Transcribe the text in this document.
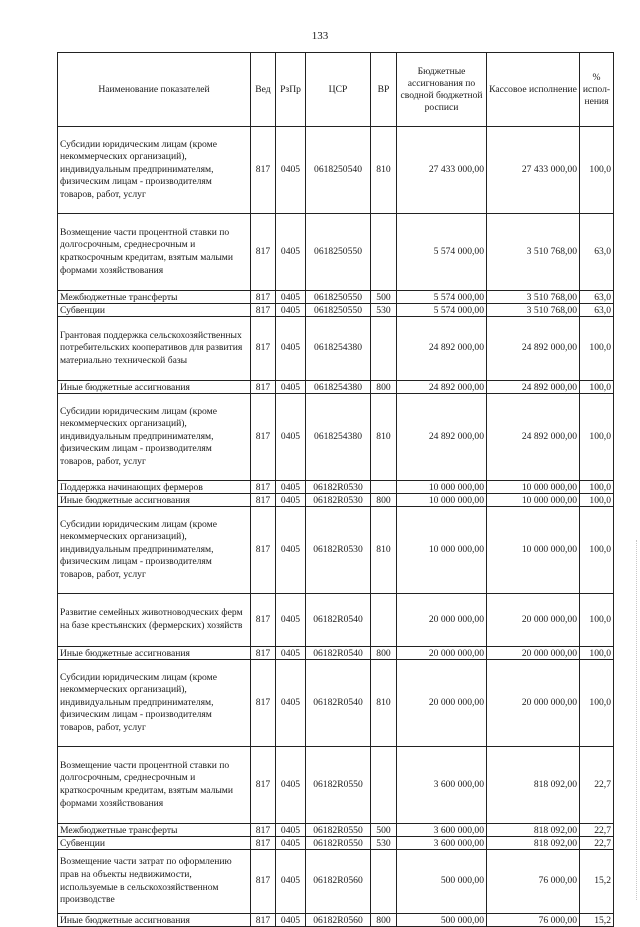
133
Наименование показателей	Вед	РзПр	ЦСР	ВР	Бюджетные ассигнования по сводной бюджетной росписи	Кассовое исполнение	% испол-нения
Субсидии юридическим лицам (кроме некоммерческих организаций), индивидуальным предпринимателям, физическим лицам - производителям товаров, работ, услуг	817	0405	0618250540	810	27 433 000,00	27 433 000,00	100,0
Возмещение части процентной ставки по долгосрочным, среднесрочным и краткосрочным кредитам, взятым малыми формами хозяйствования	817	0405	0618250550		5 574 000,00	3 510 768,00	63,0
Межбюджетные трансферты	817	0405	0618250550	500	5 574 000,00	3 510 768,00	63,0
Субвенции	817	0405	0618250550	530	5 574 000,00	3 510 768,00	63,0
Грантовая поддержка сельскохозяйственных потребительских кооперативов для развития материально технической базы	817	0405	0618254380		24 892 000,00	24 892 000,00	100,0
Иные бюджетные ассигнования	817	0405	0618254380	800	24 892 000,00	24 892 000,00	100,0
Субсидии юридическим лицам (кроме некоммерческих организаций), индивидуальным предпринимателям, физическим лицам - производителям товаров, работ, услуг	817	0405	0618254380	810	24 892 000,00	24 892 000,00	100,0
Поддержка начинающих фермеров	817	0405	06182R0530		10 000 000,00	10 000 000,00	100,0
Иные бюджетные ассигнования	817	0405	06182R0530	800	10 000 000,00	10 000 000,00	100,0
Субсидии юридическим лицам (кроме некоммерческих организаций), индивидуальным предпринимателям, физическим лицам - производителям товаров, работ, услуг	817	0405	06182R0530	810	10 000 000,00	10 000 000,00	100,0
Развитие семейных животноводческих ферм на базе крестьянских (фермерских) хозяйств	817	0405	06182R0540		20 000 000,00	20 000 000,00	100,0
Иные бюджетные ассигнования	817	0405	06182R0540	800	20 000 000,00	20 000 000,00	100,0
Субсидии юридическим лицам (кроме некоммерческих организаций), индивидуальным предпринимателям, физическим лицам - производителям товаров, работ, услуг	817	0405	06182R0540	810	20 000 000,00	20 000 000,00	100,0
Возмещение части процентной ставки по долгосрочным, среднесрочным и краткосрочным кредитам, взятым малыми формами хозяйствования	817	0405	06182R0550		3 600 000,00	818 092,00	22,7
Межбюджетные трансферты	817	0405	06182R0550	500	3 600 000,00	818 092,00	22,7
Субвенции	817	0405	06182R0550	530	3 600 000,00	818 092,00	22,7
Возмещение части затрат по оформлению прав на объекты недвижимости, используемые в сельскохозяйственном производстве	817	0405	06182R0560		500 000,00	76 000,00	15,2
Иные бюджетные ассигнования	817	0405	06182R0560	800	500 000,00	76 000,00	15,2
